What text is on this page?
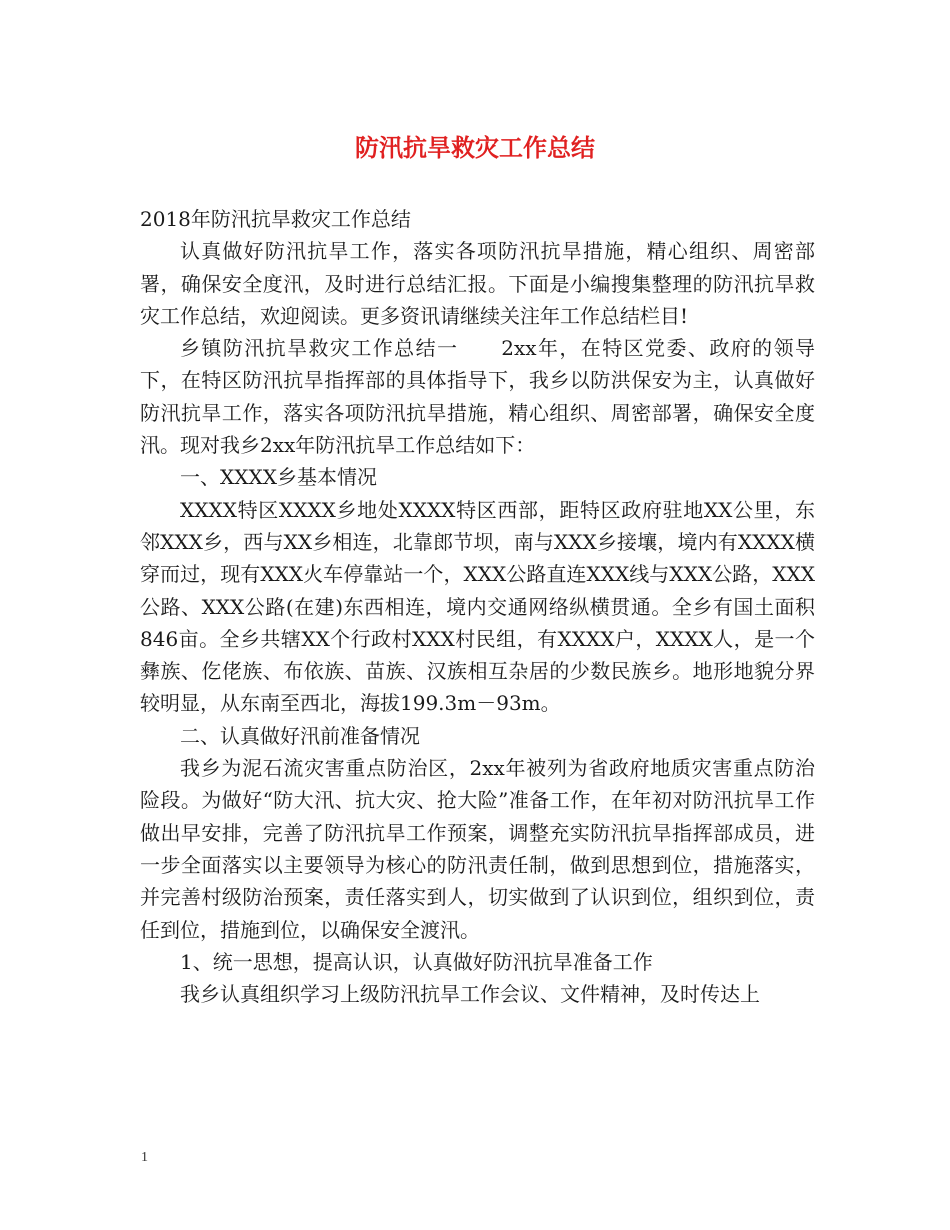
防汛抗旱救灾工作总结

2018年防汛抗旱救灾工作总结

认真做好防汛抗旱工作，落实各项防汛抗旱措施，精心组织、周密部署，确保安全度汛，及时进行总结汇报。下面是小编搜集整理的防汛抗旱救灾工作总结，欢迎阅读。更多资讯请继续关注年工作总结栏目!

乡镇防汛抗旱救灾工作总结一　　2xx年，在特区党委、政府的领导下，在特区防汛抗旱指挥部的具体指导下，我乡以防洪保安为主，认真做好防汛抗旱工作，落实各项防汛抗旱措施，精心组织、周密部署，确保安全度汛。现对我乡2xx年防汛抗旱工作总结如下：

一、XXXX乡基本情况

XXXX特区XXXX乡地处XXXX特区西部，距特区政府驻地XX公里，东邻XXX乡，西与XX乡相连，北靠郎节坝，南与XXX乡接壤，境内有XXXX横穿而过，现有XXX火车停靠站一个，XXX公路直连XXX线与XXX公路，XXX公路、XXX公路(在建)东西相连，境内交通网络纵横贯通。全乡有国土面积846亩。全乡共辖XX个行政村XXX村民组，有XXXX户，XXXX人，是一个彝族、仡佬族、布依族、苗族、汉族相互杂居的少数民族乡。地形地貌分界较明显，从东南至西北，海拔199.3m－93m。

二、认真做好汛前准备情况

我乡为泥石流灾害重点防治区，2xx年被列为省政府地质灾害重点防治险段。为做好“防大汛、抗大灾、抢大险”准备工作，在年初对防汛抗旱工作做出早安排，完善了防汛抗旱工作预案，调整充实防汛抗旱指挥部成员，进一步全面落实以主要领导为核心的防汛责任制，做到思想到位，措施落实，并完善村级防治预案，责任落实到人，切实做到了认识到位，组织到位，责任到位，措施到位，以确保安全渡汛。

1、统一思想，提高认识，认真做好防汛抗旱准备工作

我乡认真组织学习上级防汛抗旱工作会议、文件精神，及时传达上

1
